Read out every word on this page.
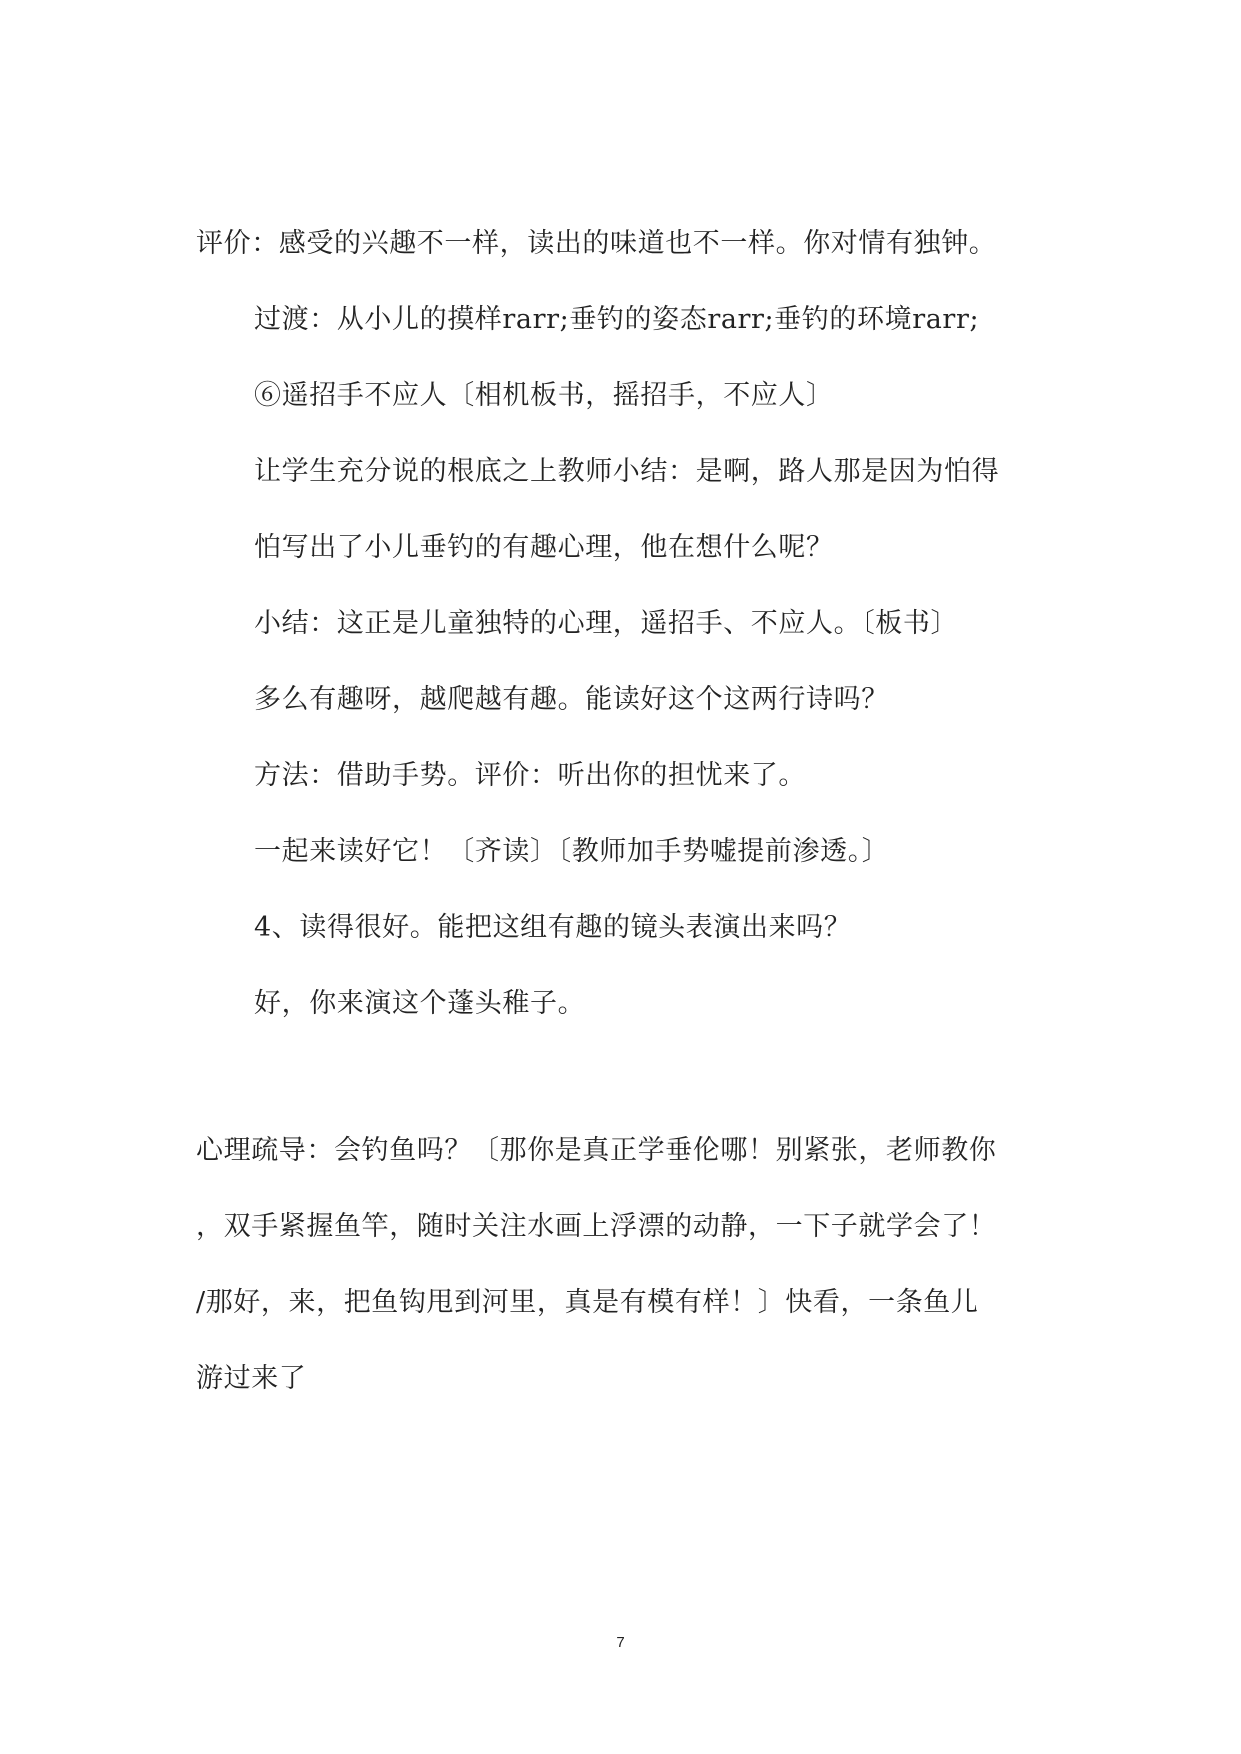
评价：感受的兴趣不一样，读出的味道也不一样。你对情有独钟。
过渡：从小儿的摸样rarr;垂钓的姿态rarr;垂钓的环境rarr;
⑥遥招手不应人〔相机板书，摇招手，不应人〕
让学生充分说的根底之上教师小结：是啊，路人那是因为怕得
怕写出了小儿垂钓的有趣心理，他在想什么呢？
小结：这正是儿童独特的心理，遥招手、不应人。〔板书〕
多么有趣呀，越爬越有趣。能读好这个这两行诗吗？
方法：借助手势。评价：听出你的担忧来了。
一起来读好它！〔齐读〕〔教师加手势嘘提前渗透。〕
4、读得很好。能把这组有趣的镜头表演出来吗？
好，你来演这个蓬头稚子。
心理疏导：会钓鱼吗？〔那你是真正学垂伦哪！别紧张，老师教你
，双手紧握鱼竿，随时关注水画上浮漂的动静，一下子就学会了！
/那好，来，把鱼钩甩到河里，真是有模有样！〕快看，一条鱼儿
游过来了
7
